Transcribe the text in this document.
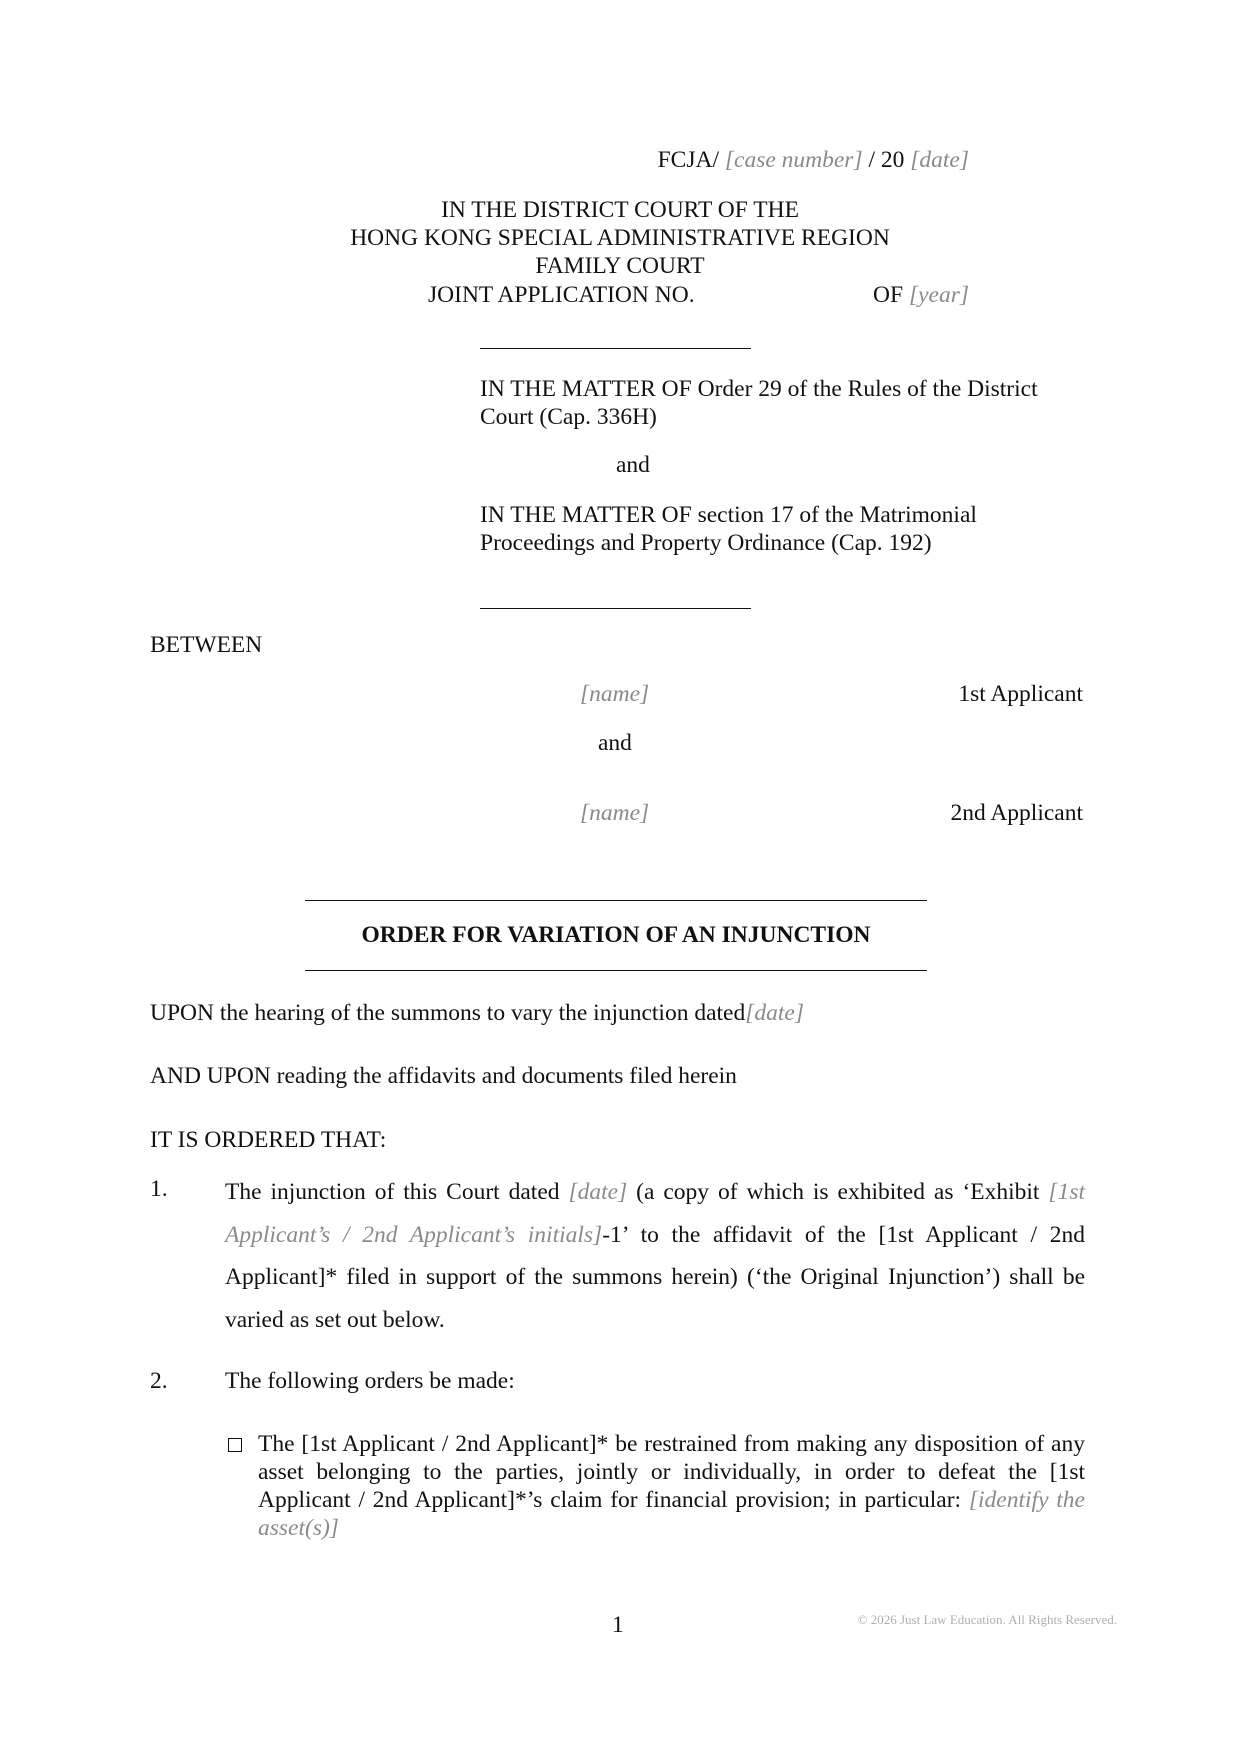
FCJA/ [case number] / 20 [date]
IN THE DISTRICT COURT OF THE
HONG KONG SPECIAL ADMINISTRATIVE REGION
FAMILY COURT
JOINT APPLICATION NO.	OF [year]
IN THE MATTER OF Order 29 of the Rules of the District Court (Cap. 336H)
and
IN THE MATTER OF section 17 of the Matrimonial Proceedings and Property Ordinance (Cap. 192)
BETWEEN
[name]	1st Applicant
and
[name]	2nd Applicant
ORDER FOR VARIATION OF AN INJUNCTION
UPON the hearing of the summons to vary the injunction dated[date]
AND UPON reading the affidavits and documents filed herein
IT IS ORDERED THAT:
1. The injunction of this Court dated [date] (a copy of which is exhibited as ‘Exhibit [1st Applicant’s / 2nd Applicant’s initials]-1’ to the affidavit of the [1st Applicant / 2nd Applicant]* filed in support of the summons herein) (‘the Original Injunction’) shall be varied as set out below.
2. The following orders be made:
The [1st Applicant / 2nd Applicant]* be restrained from making any disposition of any asset belonging to the parties, jointly or individually, in order to defeat the [1st Applicant / 2nd Applicant]*’s claim for financial provision; in particular: [identify the asset(s)]
1	© 2026 Just Law Education. All Rights Reserved.
